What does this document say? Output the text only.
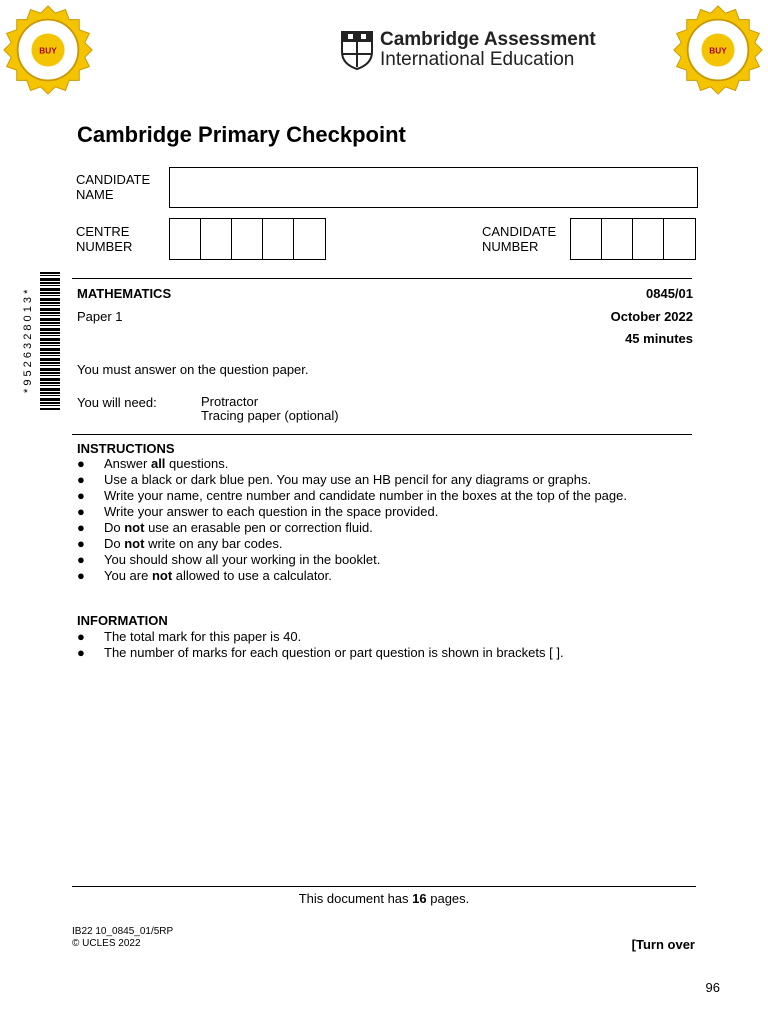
BUY	BUY
Cambridge Assessment
International Education
Cambridge Primary Checkpoint
CANDIDATE
NAME
CENTRE
NUMBER
CANDIDATE
NUMBER
* 9 5 2 6 3 2 8 0 1 3 *	MATHEMATICS	0845/01
Paper 1	October 2022
45 minutes
You must answer on the question paper.
You will need:	Protractor
Tracing paper (optional)
INSTRUCTIONS
● Answer all questions.
● Use a black or dark blue pen. You may use an HB pencil for any diagrams or graphs.
● Write your name, centre number and candidate number in the boxes at the top of the page.
● Write your answer to each question in the space provided.
● Do not use an erasable pen or correction fluid.
● Do not write on any bar codes.
● You should show all your working in the booklet.
● You are not allowed to use a calculator.
INFORMATION
● The total mark for this paper is 40.
● The number of marks for each question or part question is shown in brackets [ ].
This document has 16 pages.
IB22 10_0845_01/5RP
© UCLES 2022	[Turn over
96
